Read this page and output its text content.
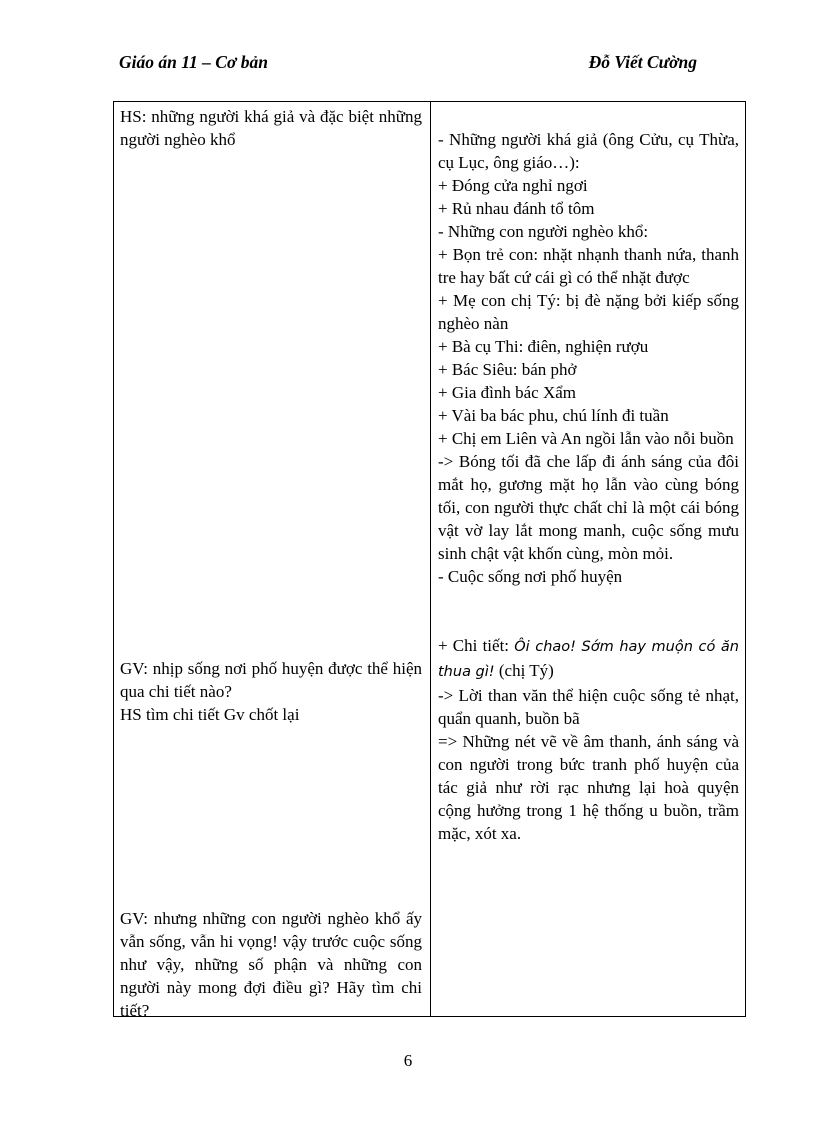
Giáo án 11 – Cơ bản	Đỗ Viết Cường

HS: những người khá giả và đặc biệt những người nghèo khổ

GV: nhịp sống nơi phố huyện được thể hiện qua chi tiết nào?

HS tìm chi tiết Gv chốt lại

GV: nhưng những con người nghèo khổ ấy vẫn sống, vẫn hi vọng! vậy trước cuộc sống như vậy, những số phận và những con người này mong đợi điều gì? Hãy tìm chi tiết?

- Những người khá giả (ông Cửu, cụ Thừa, cụ Lục, ông giáo…):

+ Đóng cửa nghỉ ngơi

+ Rủ nhau đánh tổ tôm

- Những con người nghèo khổ:

+ Bọn trẻ con: nhặt nhạnh thanh nứa, thanh tre hay bất cứ cái gì có thể nhặt được

+ Mẹ con chị Tý: bị đè nặng bởi kiếp sống nghèo nàn

+ Bà cụ Thi: điên, nghiện rượu

+ Bác Siêu: bán phở

+ Gia đình bác Xẩm

+ Vài ba bác phu, chú lính đi tuần

+ Chị em Liên và An ngồi lẫn vào nỗi buồn

-> Bóng tối đã che lấp đi ánh sáng của đôi mắt họ, gương mặt họ lẫn vào cùng bóng tối, con người thực chất chỉ là một cái bóng vật vờ lay lắt mong manh, cuộc sống mưu sinh chật vật khốn cùng, mòn mỏi.

- Cuộc sống nơi phố huyện

+ Chi tiết: Ôi chao! Sớm hay muộn có ăn thua gì! (chị Tý)

-> Lời than văn thể hiện cuộc sống tẻ nhạt, quẩn quanh, buồn bã

=> Những nét vẽ về âm thanh, ánh sáng và con người trong bức tranh phố huyện của tác giả như rời rạc nhưng lại hoà quyện cộng hưởng trong 1 hệ thống u buồn, trầm mặc, xót xa.

6
